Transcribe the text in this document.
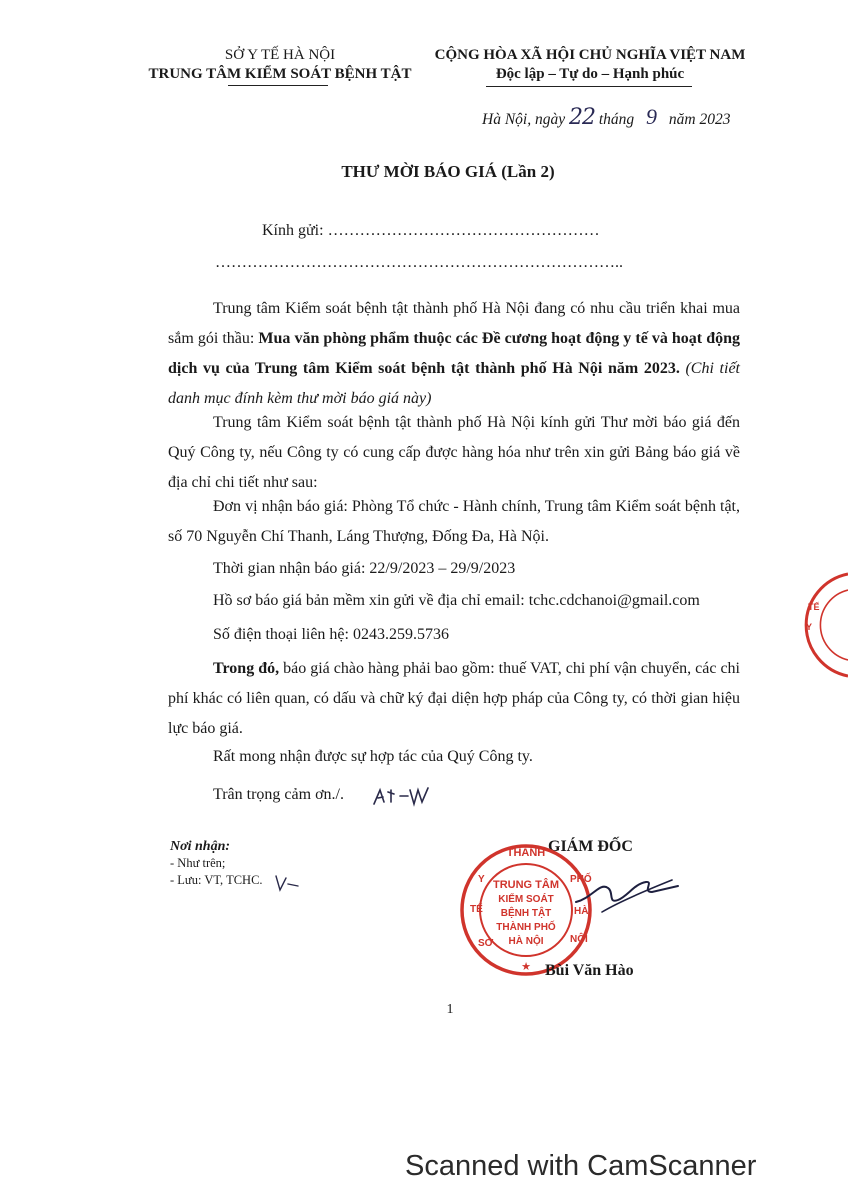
SỞ Y TẾ HÀ NỘI
TRUNG TÂM KIỂM SOÁT BỆNH TẬT
CỘNG HÒA XÃ HỘI CHỦ NGHĨA VIỆT NAM
Độc lập – Tự do – Hạnh phúc
Hà Nội, ngày 22 tháng 9 năm 2023
THƯ MỜI BÁO GIÁ (Lần 2)
Kính gửi: ……………………………………………
…………………………………………………………………..
Trung tâm Kiểm soát bệnh tật thành phố Hà Nội đang có nhu cầu triển khai mua sắm gói thầu: Mua văn phòng phẩm thuộc các Đề cương hoạt động y tế và hoạt động dịch vụ của Trung tâm Kiểm soát bệnh tật thành phố Hà Nội năm 2023. (Chi tiết danh mục đính kèm thư mời báo giá này)
Trung tâm Kiểm soát bệnh tật thành phố Hà Nội kính gửi Thư mời báo giá đến Quý Công ty, nếu Công ty có cung cấp được hàng hóa như trên xin gửi Bảng báo giá về địa chỉ chi tiết như sau:
Đơn vị nhận báo giá: Phòng Tổ chức - Hành chính, Trung tâm Kiểm soát bệnh tật, số 70 Nguyễn Chí Thanh, Láng Thượng, Đống Đa, Hà Nội.
Thời gian nhận báo giá: 22/9/2023 – 29/9/2023
Hồ sơ báo giá bản mềm xin gửi về địa chỉ email: tchc.cdchanoi@gmail.com
Số điện thoại liên hệ: 0243.259.5736
Trong đó, báo giá chào hàng phải bao gồm: thuế VAT, chi phí vận chuyển, các chi phí khác có liên quan, có dấu và chữ ký đại diện hợp pháp của Công ty, có thời gian hiệu lực báo giá.
Rất mong nhận được sự hợp tác của Quý Công ty.
Trân trọng cảm ơn./.
Nơi nhận:
- Như trên;
- Lưu: VT, TCHC.
GIÁM ĐỐC
THÀNH
Y
TẾ
PHỐ
HÀ
NỘI
SỞ
★
TRUNG TÂM
KIỂM SOÁT
BỆNH TẬT
THÀNH PHỐ
HÀ NỘI
Bùi Văn Hào
TẾ
Y
1
Scanned with CamScanner
